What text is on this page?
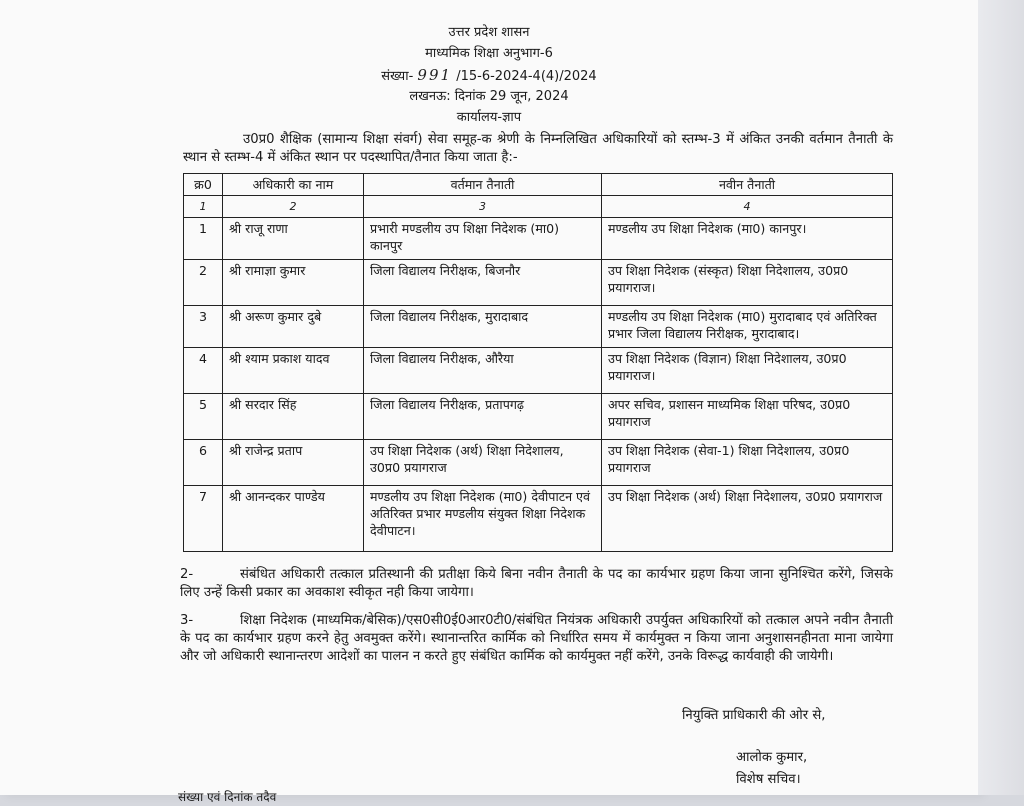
उत्तर प्रदेश शासन
माध्यमिक शिक्षा अनुभाग-6
संख्या- 991 /15-6-2024-4(4)/2024
लखनऊ: दिनांक 29 जून, 2024
कार्यालय-ज्ञाप
उ0प्र0 शैक्षिक (सामान्य शिक्षा संवर्ग) सेवा समूह-क श्रेणी के निम्नलिखित अधिकारियों को स्तम्भ-3 में अंकित उनकी वर्तमान तैनाती के स्थान से स्तम्भ-4 में अंकित स्थान पर पदस्थापित/तैनात किया जाता है:-
क्र0	अधिकारी का नाम	वर्तमान तैनाती	नवीन तैनाती
1	2	3	4
1	श्री राजू राणा	प्रभारी मण्डलीय उप शिक्षा निदेशक (मा0) कानपुर	मण्डलीय उप शिक्षा निदेशक (मा0) कानपुर।
2	श्री रामाज्ञा कुमार	जिला विद्यालय निरीक्षक, बिजनौर	उप शिक्षा निदेशक (संस्कृत) शिक्षा निदेशालय, उ0प्र0 प्रयागराज।
3	श्री अरूण कुमार दुबे	जिला विद्यालय निरीक्षक, मुरादाबाद	मण्डलीय उप शिक्षा निदेशक (मा0) मुरादाबाद एवं अतिरिक्त प्रभार जिला विद्यालय निरीक्षक, मुरादाबाद।
4	श्री श्याम प्रकाश यादव	जिला विद्यालय निरीक्षक, औरैया	उप शिक्षा निदेशक (विज्ञान) शिक्षा निदेशालय, उ0प्र0 प्रयागराज।
5	श्री सरदार सिंह	जिला विद्यालय निरीक्षक, प्रतापगढ़	अपर सचिव, प्रशासन माध्यमिक शिक्षा परिषद, उ0प्र0 प्रयागराज
6	श्री राजेन्द्र प्रताप	उप शिक्षा निदेशक (अर्थ) शिक्षा निदेशालय, उ0प्र0 प्रयागराज	उप शिक्षा निदेशक (सेवा-1) शिक्षा निदेशालय, उ0प्र0 प्रयागराज
7	श्री आनन्दकर पाण्डेय	मण्डलीय उप शिक्षा निदेशक (मा0) देवीपाटन एवं अतिरिक्त प्रभार मण्डलीय संयुक्त शिक्षा निदेशक देवीपाटन।	उप शिक्षा निदेशक (अर्थ) शिक्षा निदेशालय, उ0प्र0 प्रयागराज
2-	संबंधित अधिकारी तत्काल प्रतिस्थानी की प्रतीक्षा किये बिना नवीन तैनाती के पद का कार्यभार ग्रहण किया जाना सुनिश्चित करेंगे, जिसके लिए उन्हें किसी प्रकार का अवकाश स्वीकृत नही किया जायेगा।
3-	शिक्षा निदेशक (माध्यमिक/बेसिक)/एस0सी0ई0आर0टी0/संबंधित नियंत्रक अधिकारी उपर्युक्त अधिकारियों को तत्काल अपने नवीन तैनाती के पद का कार्यभार ग्रहण करने हेतु अवमुक्त करेंगे। स्थानान्तरित कार्मिक को निर्धारित समय में कार्यमुक्त न किया जाना अनुशासनहीनता माना जायेगा और जो अधिकारी स्थानान्तरण आदेशों का पालन न करते हुए संबंधित कार्मिक को कार्यमुक्त नहीं करेंगे, उनके विरूद्ध कार्यवाही की जायेगी।
नियुक्ति प्राधिकारी की ओर से,
आलोक कुमार,
विशेष सचिव।
संख्या एवं दिनांक तदैव
